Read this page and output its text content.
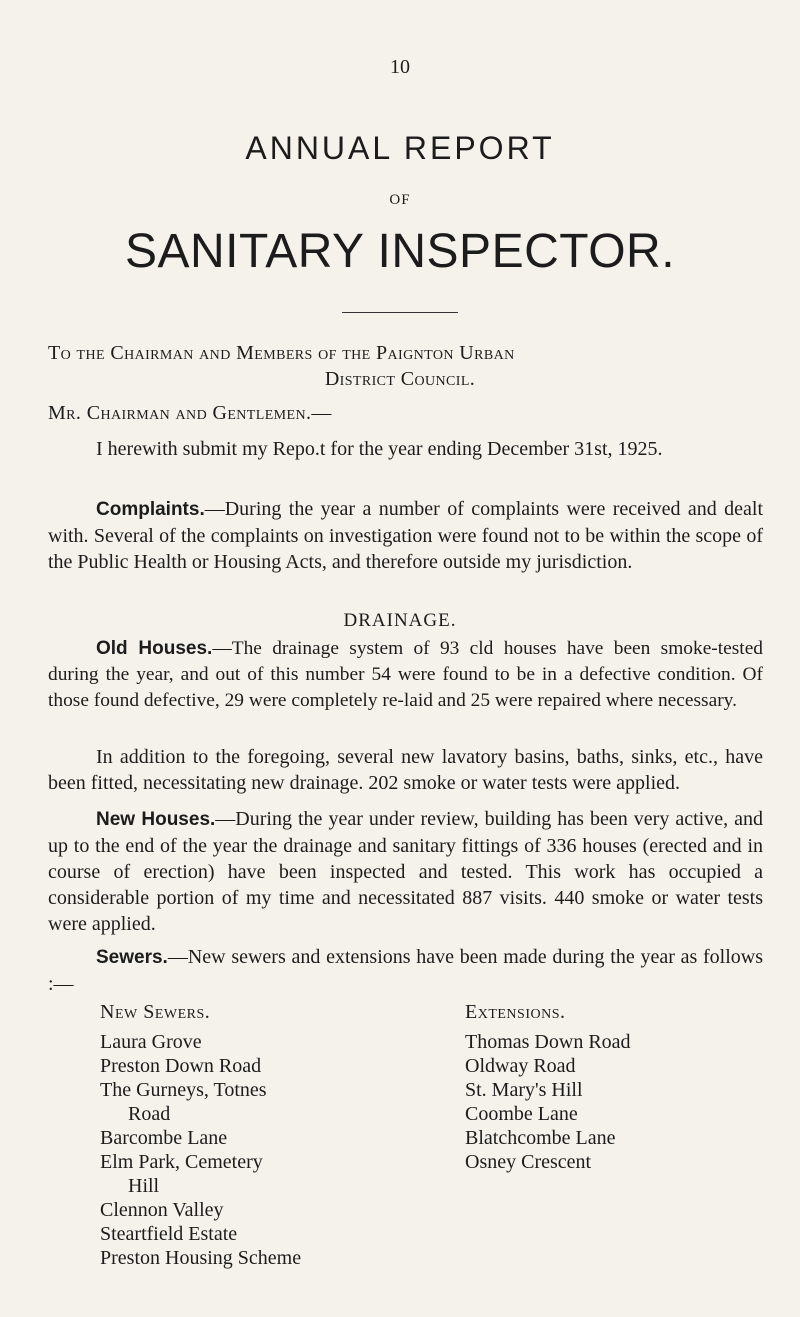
10
ANNUAL REPORT
OF
SANITARY INSPECTOR.
To the Chairman and Members of the Paignton Urban
District Council.
Mr. Chairman and Gentlemen.—
I herewith submit my Repo.t for the year ending December 31st, 1925.
Complaints.—During the year a number of complaints were received and dealt with. Several of the complaints on investigation were found not to be within the scope of the Public Health or Housing Acts, and therefore outside my jurisdiction.
DRAINAGE.
Old Houses.—The drainage system of 93 cld houses have been smoke-tested during the year, and out of this number 54 were found to be in a defective condition. Of those found defective, 29 were completely re-laid and 25 were repaired where necessary.
In addition to the foregoing, several new lavatory basins, baths, sinks, etc., have been fitted, necessitating new drainage. 202 smoke or water tests were applied.
New Houses.—During the year under review, building has been very active, and up to the end of the year the drainage and sanitary fittings of 336 houses (erected and in course of erection) have been inspected and tested. This work has occupied a considerable portion of my time and necessitated 887 visits. 440 smoke or water tests were applied.
Sewers.—New sewers and extensions have been made during the year as follows :—
New Sewers.
Laura Grove
Preston Down Road
The Gurneys, Totnes
Road
Barcombe Lane
Elm Park, Cemetery
Hill
Clennon Valley
Steartfield Estate
Preston Housing Scheme
Extensions.
Thomas Down Road
Oldway Road
St. Mary's Hill
Coombe Lane
Blatchcombe Lane
Osney Crescent
